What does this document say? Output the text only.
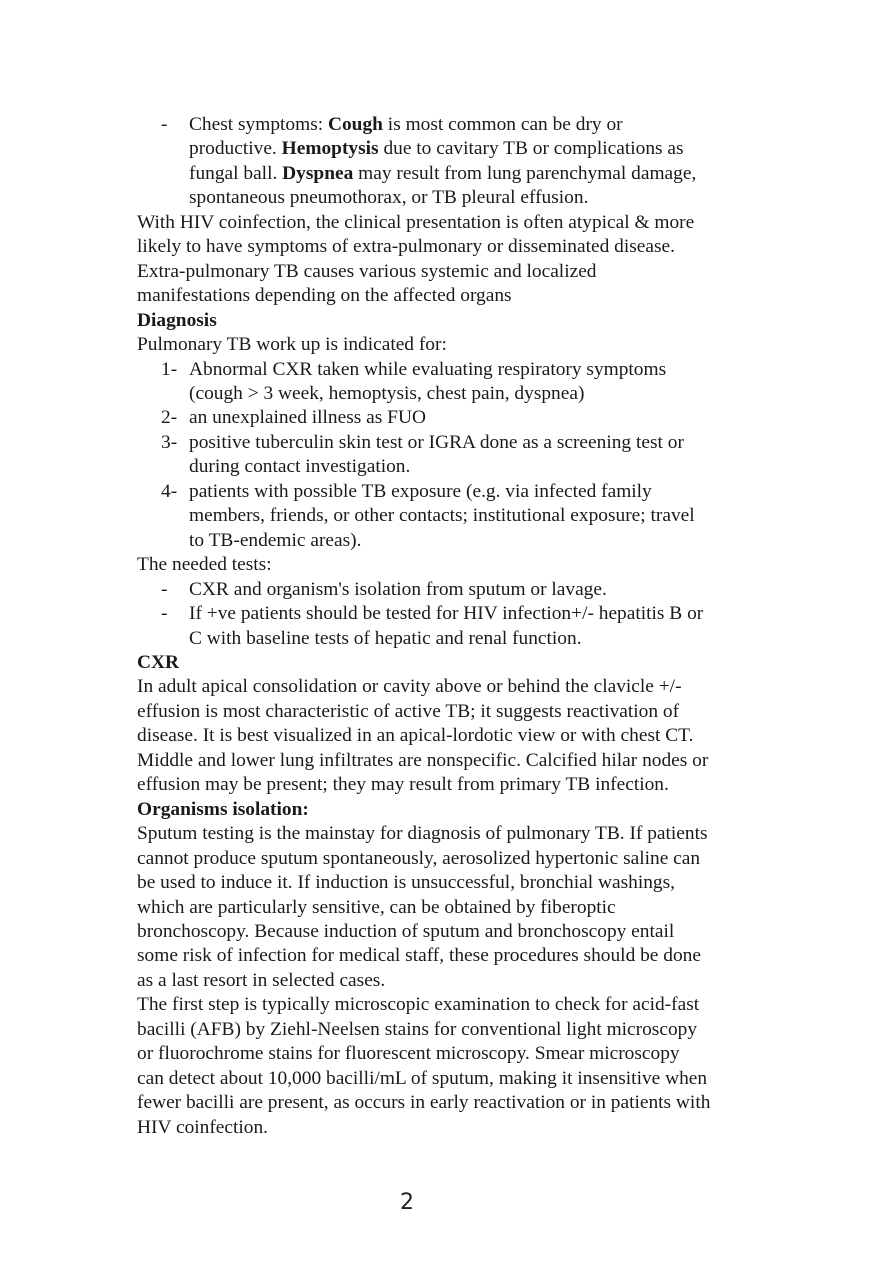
-	Chest symptoms: Cough is most common can be dry or
productive. Hemoptysis due to cavitary TB or complications as
fungal ball. Dyspnea may result from lung parenchymal damage,
spontaneous pneumothorax, or TB pleural effusion.
With HIV coinfection, the clinical presentation is often atypical & more
likely to have symptoms of extra-pulmonary or disseminated disease.
Extra-pulmonary TB causes various systemic and localized
manifestations depending on the affected organs
Diagnosis
Pulmonary TB work up is indicated for:
1- Abnormal CXR taken while evaluating respiratory symptoms
(cough > 3 week, hemoptysis, chest pain, dyspnea)
2- an unexplained illness as FUO
3- positive tuberculin skin test or IGRA done as a screening test or
during contact investigation.
4- patients with possible TB exposure (e.g. via infected family
members, friends, or other contacts; institutional exposure; travel
to TB-endemic areas).
The needed tests:
-	CXR and organism's isolation from sputum or lavage.
-	If +ve patients should be tested for HIV infection+/- hepatitis B or
C with baseline tests of hepatic and renal function.
CXR
In adult apical consolidation or cavity above or behind the clavicle +/-
effusion is most characteristic of active TB; it suggests reactivation of
disease. It is best visualized in an apical-lordotic view or with chest CT.
Middle and lower lung infiltrates are nonspecific. Calcified hilar nodes or
effusion may be present; they may result from primary TB infection.
Organisms isolation:
Sputum testing is the mainstay for diagnosis of pulmonary TB. If patients
cannot produce sputum spontaneously, aerosolized hypertonic saline can
be used to induce it. If induction is unsuccessful, bronchial washings,
which are particularly sensitive, can be obtained by fiberoptic
bronchoscopy. Because induction of sputum and bronchoscopy entail
some risk of infection for medical staff, these procedures should be done
as a last resort in selected cases.
The first step is typically microscopic examination to check for acid-fast
bacilli (AFB) by Ziehl-Neelsen stains for conventional light microscopy
or fluorochrome stains for fluorescent microscopy. Smear microscopy
can detect about 10,000 bacilli/mL of sputum, making it insensitive when
fewer bacilli are present, as occurs in early reactivation or in patients with
HIV coinfection.
2
